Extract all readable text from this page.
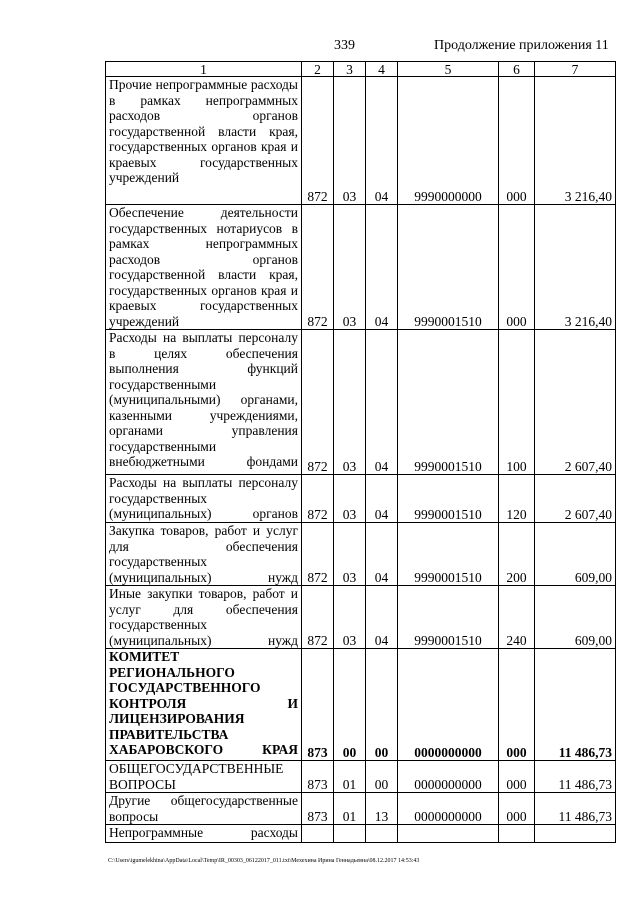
339	Продолжение приложения 11
1	2	3	4	5	6	7
Прочие непрограммные расходы в рамках непрограммных расходов органов государственной власти края, государственных органов края и краевых государственных учреждений	872	03	04	9990000000	000	3 216,40
Обеспечение деятельности государственных нотариусов в рамках непрограммных расходов органов государственной власти края, государственных органов края и краевых государственных учреждений	872	03	04	9990001510	000	3 216,40
Расходы на выплаты персоналу в целях обеспечения выполнения функций государственными (муниципальными) органами, казенными учреждениями, органами управления государственными внебюджетными фондами	872	03	04	9990001510	100	2 607,40
Расходы на выплаты персоналу государственных (муниципальных) органов	872	03	04	9990001510	120	2 607,40
Закупка товаров, работ и услуг для обеспечения государственных (муниципальных) нужд	872	03	04	9990001510	200	609,00
Иные закупки товаров, работ и услуг для обеспечения государственных (муниципальных) нужд	872	03	04	9990001510	240	609,00
КОМИТЕТ РЕГИОНАЛЬНОГО ГОСУДАРСТВЕННОГО КОНТРОЛЯ И ЛИЦЕНЗИРОВАНИЯ ПРАВИТЕЛЬСТВА ХАБАРОВСКОГО КРАЯ	873	00	00	0000000000	000	11 486,73
ОБЩЕГОСУДАРСТВЕННЫЕ ВОПРОСЫ	873	01	00	0000000000	000	11 486,73
Другие общегосударственные вопросы	873	01	13	0000000000	000	11 486,73
Непрограммные расходы						
C:\Users\igumelekhina\AppData\Local\Temp\IR_00303_06122017_011.txt\Мехехина Ирина Геннадьевна\08.12.2017 14:53:43
